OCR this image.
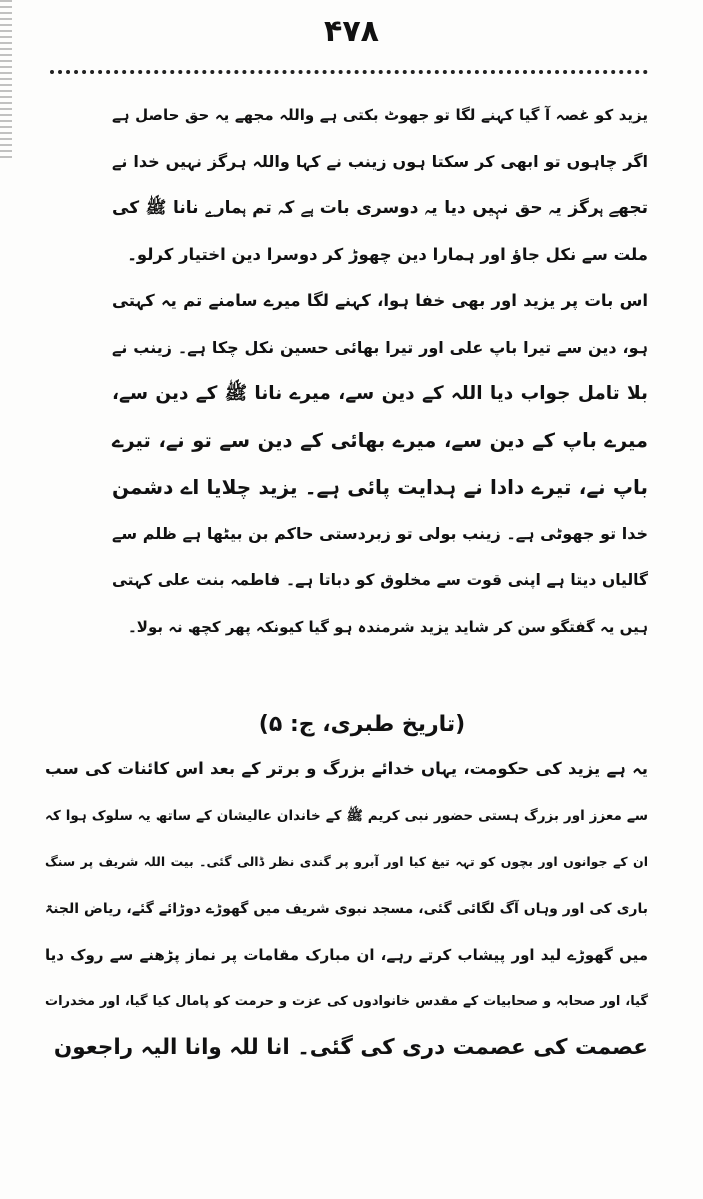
۴۷۸
یزید کو غصہ آ گیا کہنے لگا تو جھوٹ بکتی ہے واللہ مجھے یہ حق حاصل ہے
اگر چاہوں تو ابھی کر سکتا ہوں زینب نے کہا واللہ ہرگز نہیں خدا نے
تجھے ہرگز یہ حق نہیں دیا یہ دوسری بات ہے کہ تم ہمارے نانا ﷺ کی
ملت سے نکل جاؤ اور ہمارا دین چھوڑ کر دوسرا دین اختیار کرلو۔
اس بات پر یزید اور بھی خفا ہوا، کہنے لگا میرے سامنے تم یہ کہتی
ہو، دین سے تیرا باپ علی اور تیرا بھائی حسین نکل چکا ہے۔ زینب نے
بلا تامل جواب دیا اللہ کے دین سے، میرے نانا ﷺ کے دین سے،
میرے باپ کے دین سے، میرے بھائی کے دین سے تو نے، تیرے
باپ نے، تیرے دادا نے ہدایت پائی ہے۔ یزید چلایا اے دشمن
خدا تو جھوٹی ہے۔ زینب بولی تو زبردستی حاکم بن بیٹھا ہے ظلم سے
گالیاں دیتا ہے اپنی قوت سے مخلوق کو دباتا ہے۔ فاطمہ بنت علی کہتی
ہیں یہ گفتگو سن کر شاید یزید شرمندہ ہو گیا کیونکہ پھر کچھ نہ بولا۔
(تاریخ طبری، ج: ۵)
یہ ہے یزید کی حکومت، یہاں خدائے بزرگ و برتر کے بعد اس کائنات کی سب
سے معزز اور بزرگ ہستی حضور نبی کریم ﷺ کے خاندان عالیشان کے ساتھ یہ سلوک ہوا کہ
ان کے جوانوں اور بچوں کو تہہ تیغ کیا اور آبرو پر گندی نظر ڈالی گئی۔ بیت اللہ شریف پر سنگ
باری کی اور وہاں آگ لگائی گئی، مسجد نبوی شریف میں گھوڑے دوڑائے گئے، ریاض الجنۃ
میں گھوڑے لید اور پیشاب کرتے رہے، ان مبارک مقامات پر نماز پڑھنے سے روک دیا
گیا، اور صحابہ و صحابیات کے مقدس خانوادوں کی عزت و حرمت کو پامال کیا گیا، اور مخدرات
عصمت کی عصمت دری کی گئی۔ انا للہ وانا الیہ راجعون
